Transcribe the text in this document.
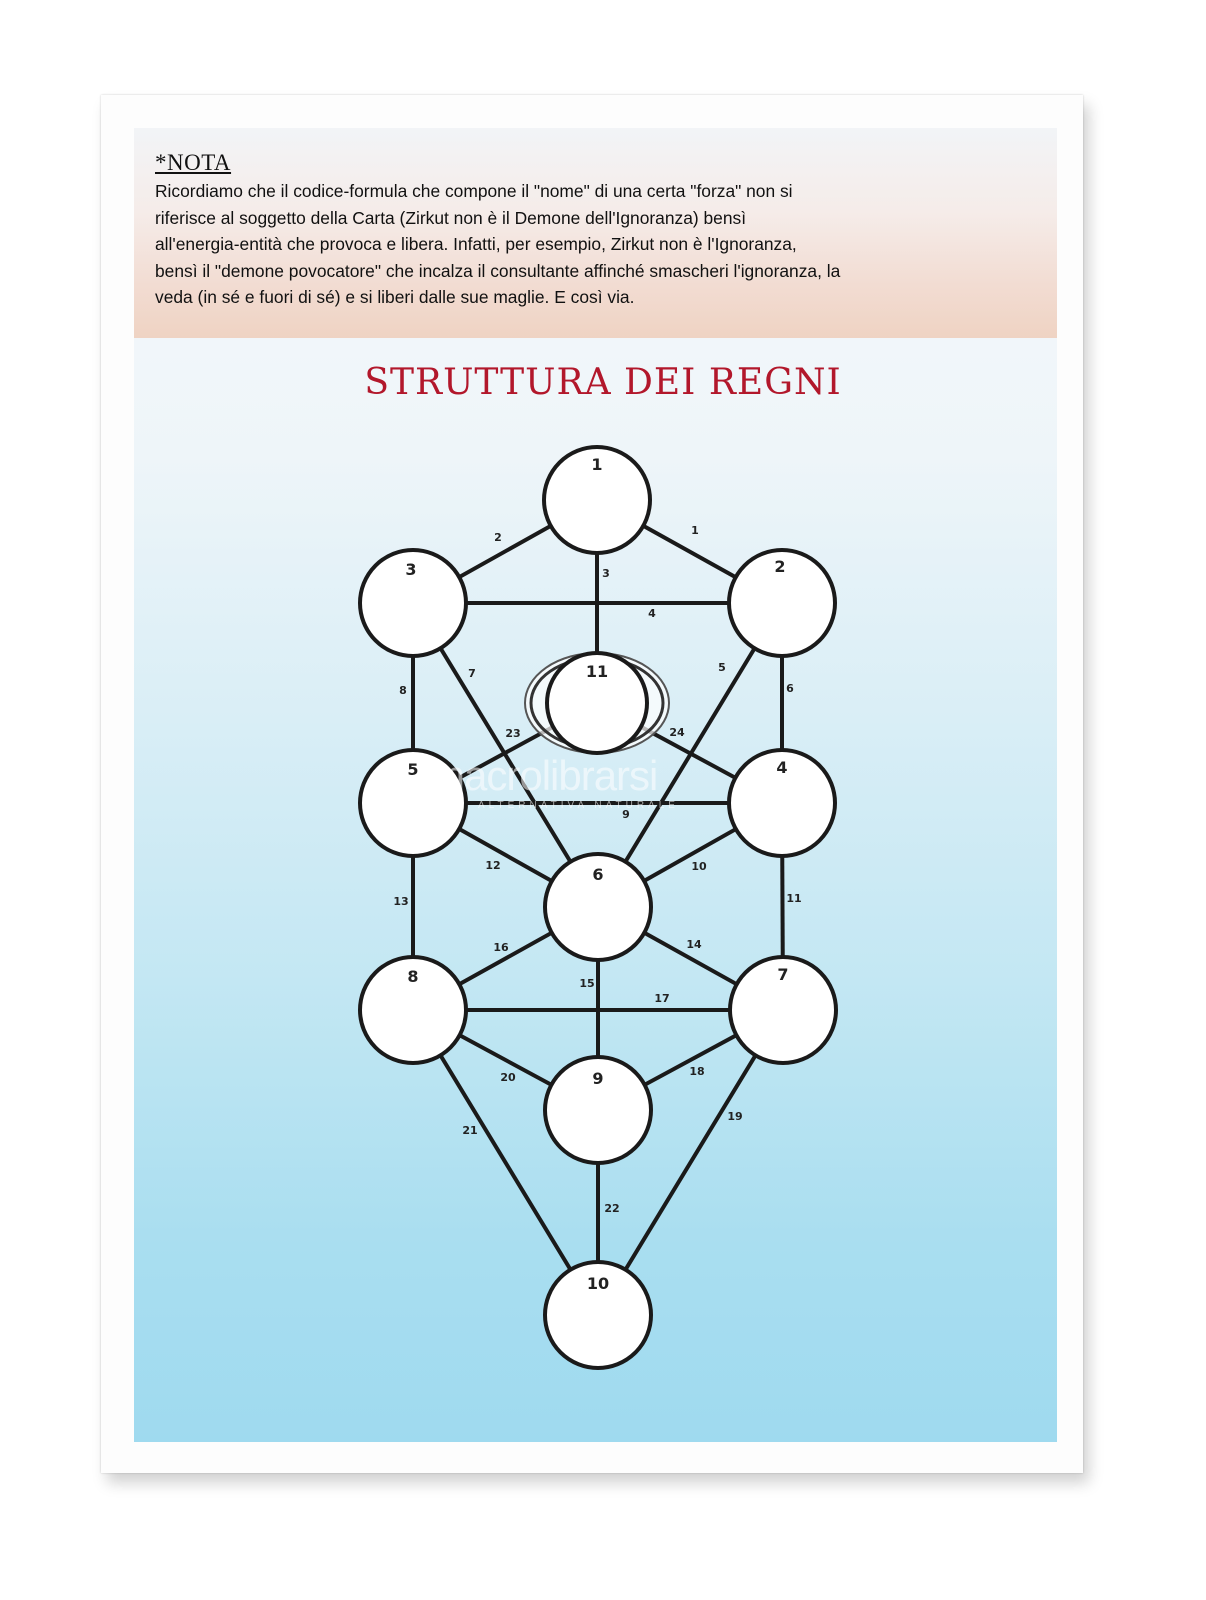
*NOTA
Ricordiamo che il codice-formula che compone il "nome" di una certa "forza" non si
riferisce al soggetto della Carta (Zirkut non è il Demone dell'Ignoranza) bensì
all'energia-entità che provoca e libera. Infatti, per esempio, Zirkut non è l'Ignoranza,
bensì il "demone povocatore" che incalza il consultante affinché smascheri l'ignoranza, la
veda (in sé e fuori di sé) e si liberi dalle sue maglie. E così via.
STRUTTURA DEI REGNI
1
2
3
4
5
6
7
8
9
10
11
1
2
3
4
5
6
7
8
9
10
11
12
13
14
15
16
17
18
19
20
21
22
23	24
macrolibrarsi
ALTERNATIVA NATURALE
